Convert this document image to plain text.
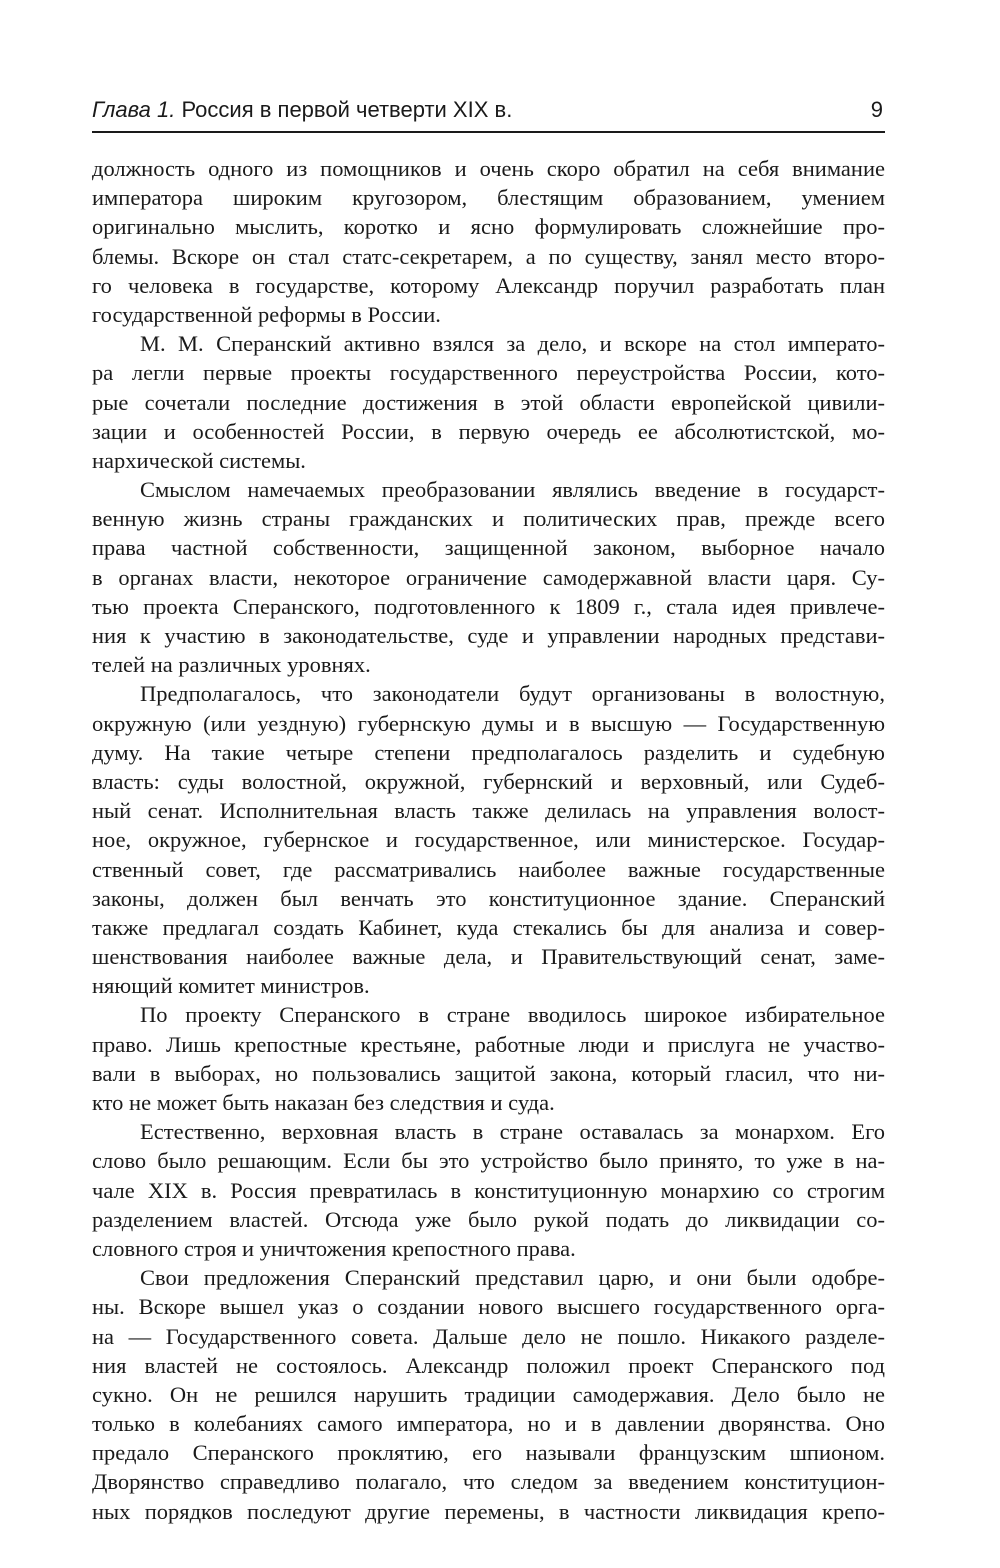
Глава 1. Россия в первой четверти XIX в.	9
должность одного из помощников и очень скоро обратил на себя внимание
императора широким кругозором, блестящим образованием, умением
оригинально мыслить, коротко и ясно формулировать сложнейшие про-
блемы. Вскоре он стал статс-секретарем, а по существу, занял место второ-
го человека в государстве, которому Александр поручил разработать план
государственной реформы в России.
М. М. Сперанский активно взялся за дело, и вскоре на стол императо-
ра легли первые проекты государственного переустройства России, кото-
рые сочетали последние достижения в этой области европейской цивили-
зации и особенностей России, в первую очередь ее абсолютистской, мо-
нархической системы.
Смыслом намечаемых преобразовании являлись введение в государст-
венную жизнь страны гражданских и политических прав, прежде всего
права частной собственности, защищенной законом, выборное начало
в органах власти, некоторое ограничение самодержавной власти царя. Су-
тью проекта Сперанского, подготовленного к 1809 г., стала идея привлече-
ния к участию в законодательстве, суде и управлении народных представи-
телей на различных уровнях.
Предполагалось, что законодатели будут организованы в волостную,
окружную (или уездную) губернскую думы и в высшую — Государственную
думу. На такие четыре степени предполагалось разделить и судебную
власть: суды волостной, окружной, губернский и верховный, или Судеб-
ный сенат. Исполнительная власть также делилась на управления волост-
ное, окружное, губернское и государственное, или министерское. Государ-
ственный совет, где рассматривались наиболее важные государственные
законы, должен был венчать это конституционное здание. Сперанский
также предлагал создать Кабинет, куда стекались бы для анализа и совер-
шенствования наиболее важные дела, и Правительствующий сенат, заме-
няющий комитет министров.
По проекту Сперанского в стране вводилось широкое избирательное
право. Лишь крепостные крестьяне, работные люди и прислуга не участво-
вали в выборах, но пользовались защитой закона, который гласил, что ни-
кто не может быть наказан без следствия и суда.
Естественно, верховная власть в стране оставалась за монархом. Его
слово было решающим. Если бы это устройство было принято, то уже в на-
чале XIX в. Россия превратилась в конституционную монархию со строгим
разделением властей. Отсюда уже было рукой подать до ликвидации со-
словного строя и уничтожения крепостного права.
Свои предложения Сперанский представил царю, и они были одобре-
ны. Вскоре вышел указ о создании нового высшего государственного орга-
на — Государственного совета. Дальше дело не пошло. Никакого разделе-
ния властей не состоялось. Александр положил проект Сперанского под
сукно. Он не решился нарушить традиции самодержавия. Дело было не
только в колебаниях самого императора, но и в давлении дворянства. Оно
предало Сперанского проклятию, его называли французским шпионом.
Дворянство справедливо полагало, что следом за введением конституцион-
ных порядков последуют другие перемены, в частности ликвидация крепо-
